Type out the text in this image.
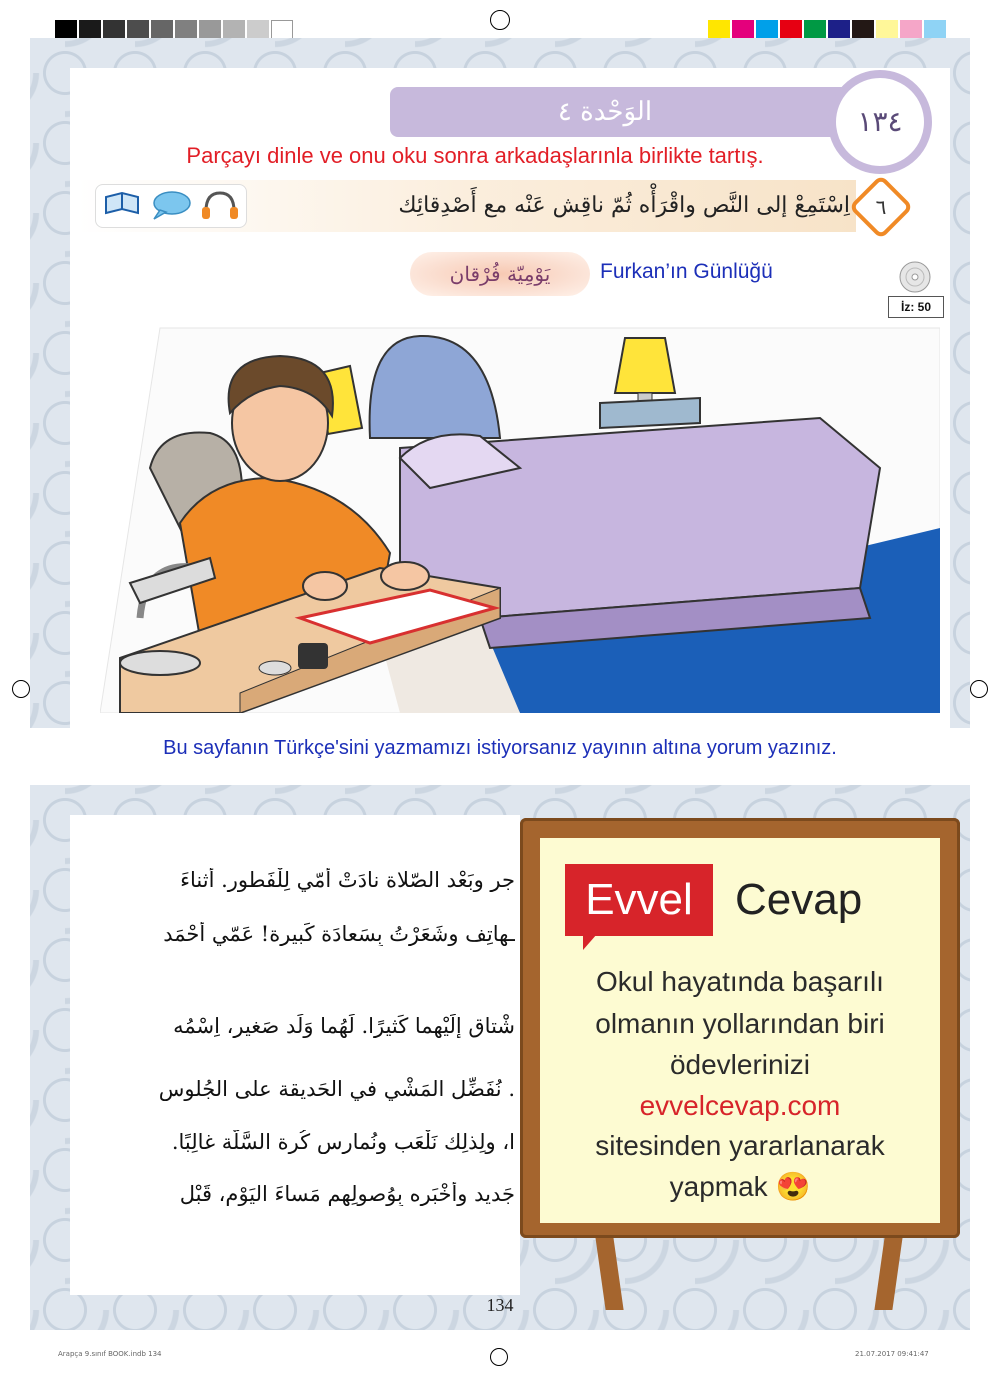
الوَحْدة ٤	١٣٤
Parçayı dinle ve onu oku sonra arkadaşlarınla birlikte tartış.
اِسْتَمِعْ إلى النَّص واقْرَأْه ثُمّ ناقِش عَنْه مع أَصْدِقائِك	٦
يَوْمِيّة فُرْقان	Furkan’ın Günlüğü
İz: 50
Bu sayfanın Türkçe'sini yazmamızı istiyorsanız yayının altına yorum yazınız.
جر وبَعْد الصّلاة نادَتْ أمّي لِلْفَطور. أثناءَ
ـهاتِف وشَعَرْتُ بِسَعادَة كَبيرة! عَمّي أَحْمَد
شْتاق إلَيْهِما كَثيرًا. لَهُما وَلَد صَغير، اِسْمُه
. نُفَضِّل المَشْي في الحَديقة على الجُلوس
ا، ولِذلِك نَلْعَب ونُمارِس كُرة السَّلّة غالِبًا.
جَديد وأَخْبَره بِوُصولِهم مَساءَ اليَوْم، قَبْل
Evvel Cevap
Okul hayatında başarılı
olmanın yollarından biri
ödevlerinizi
evvelcevap.com
sitesinden yararlanarak
yapmak 😍
134
Arapça 9.sınıf BOOK.indb 134	21.07.2017 09:41:47
